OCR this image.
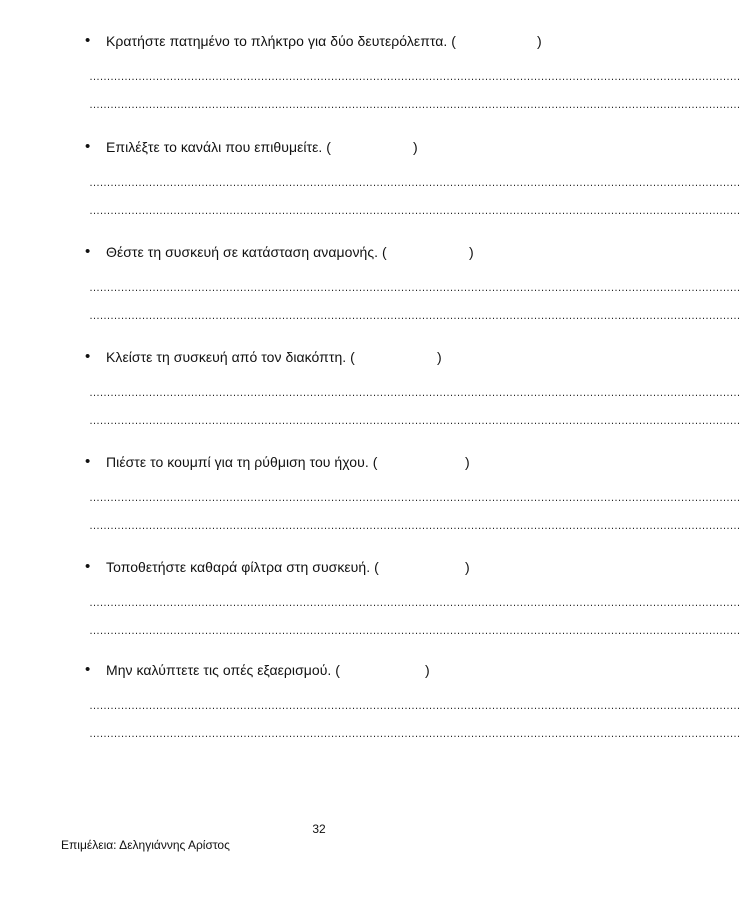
• Κρατήστε πατημένο το πλήκτρο για δύο δευτερόλεπτα. (	)
……………………………………………………………………………………………………………………………………………………………………
……………………………………………………………………………………………………………………………………………………………………
• Επιλέξτε το κανάλι που επιθυμείτε. (	)
……………………………………………………………………………………………………………………………………………………………………
……………………………………………………………………………………………………………………………………………………………………
• Θέστε τη συσκευή σε κατάσταση αναμονής. (	)
……………………………………………………………………………………………………………………………………………………………………
……………………………………………………………………………………………………………………………………………………………………
• Κλείστε τη συσκευή από τον διακόπτη. (	)
……………………………………………………………………………………………………………………………………………………………………
……………………………………………………………………………………………………………………………………………………………………
• Πιέστε το κουμπί για τη ρύθμιση του ήχου. (	)
……………………………………………………………………………………………………………………………………………………………………
……………………………………………………………………………………………………………………………………………………………………
• Τοποθετήστε καθαρά φίλτρα στη συσκευή. (	)
……………………………………………………………………………………………………………………………………………………………………
……………………………………………………………………………………………………………………………………………………………………
• Μην καλύπτετε τις οπές εξαερισμού. (	)
……………………………………………………………………………………………………………………………………………………………………
……………………………………………………………………………………………………………………………………………………………………
32
Επιμέλεια: Δεληγιάννης Αρίστος
